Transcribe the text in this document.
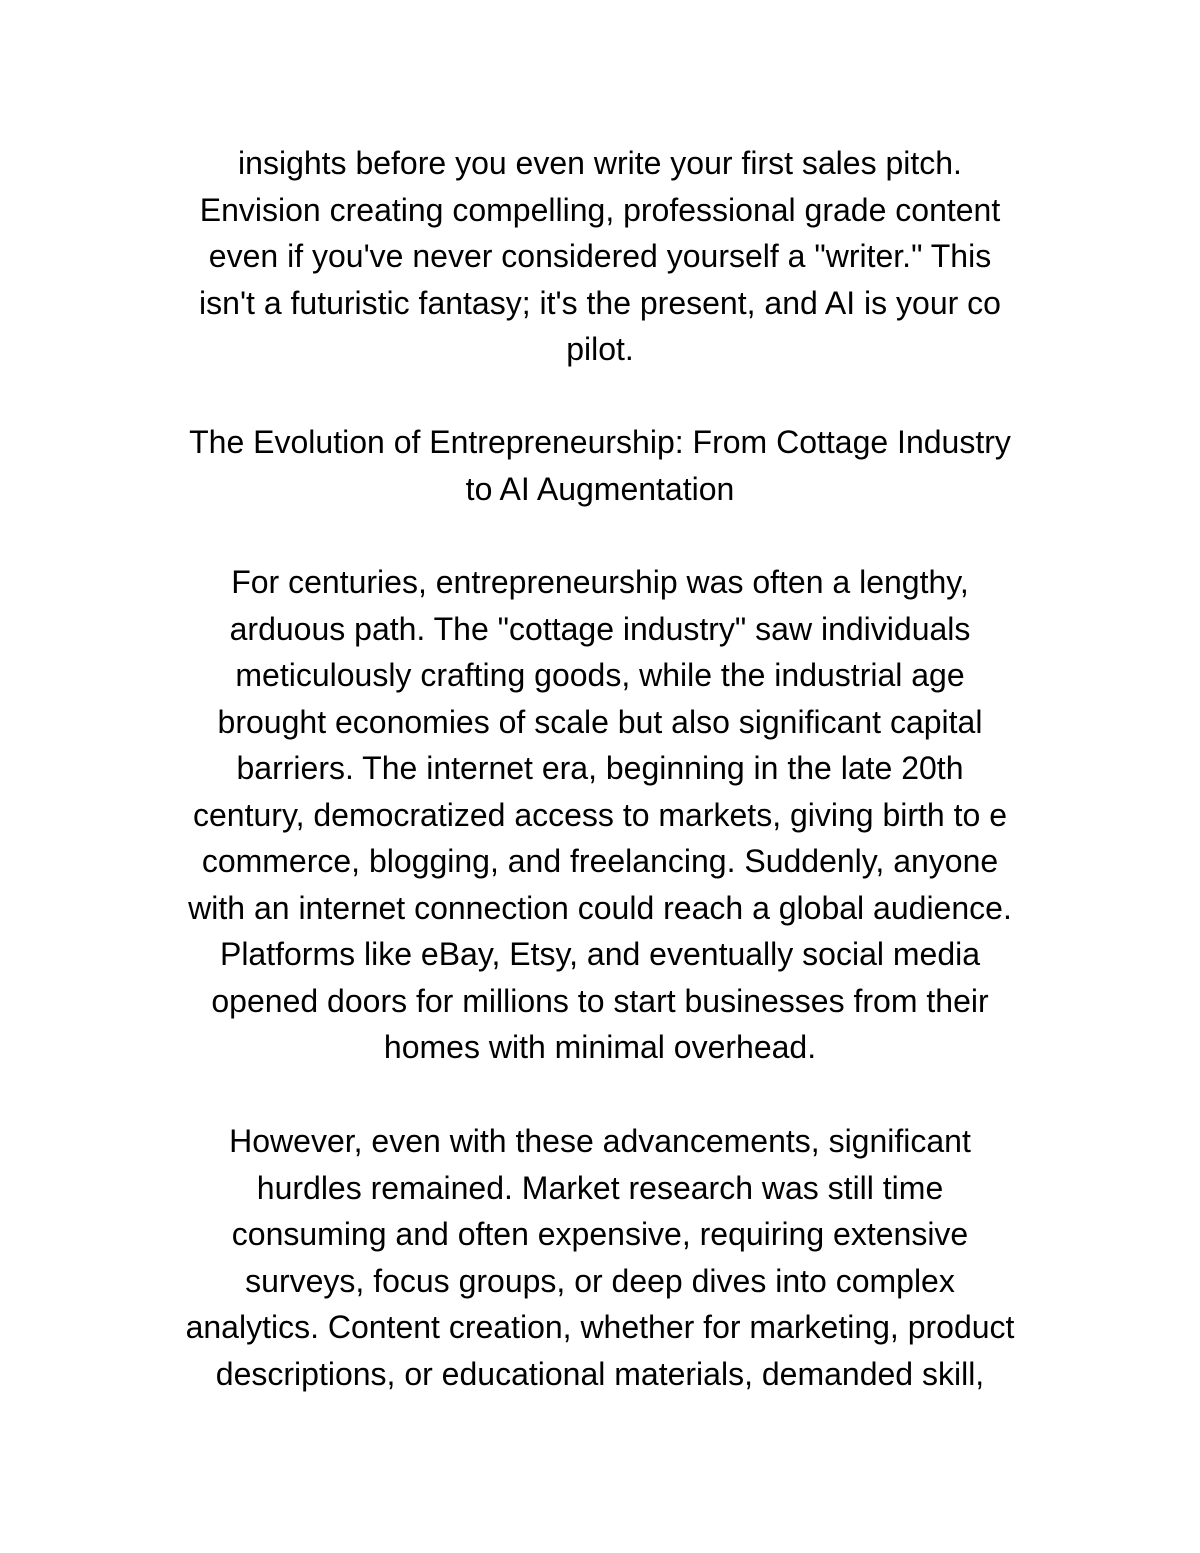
insights before you even write your first sales pitch.
Envision creating compelling, professional grade content
even if you've never considered yourself a "writer." This
isn't a futuristic fantasy; it's the present, and AI is your co
pilot.

The Evolution of Entrepreneurship: From Cottage Industry
to AI Augmentation

For centuries, entrepreneurship was often a lengthy,
arduous path. The "cottage industry" saw individuals
meticulously crafting goods, while the industrial age
brought economies of scale but also significant capital
barriers. The internet era, beginning in the late 20th
century, democratized access to markets, giving birth to e
commerce, blogging, and freelancing. Suddenly, anyone
with an internet connection could reach a global audience.
Platforms like eBay, Etsy, and eventually social media
opened doors for millions to start businesses from their
homes with minimal overhead.

However, even with these advancements, significant
hurdles remained. Market research was still time
consuming and often expensive, requiring extensive
surveys, focus groups, or deep dives into complex
analytics. Content creation, whether for marketing, product
descriptions, or educational materials, demanded skill,
